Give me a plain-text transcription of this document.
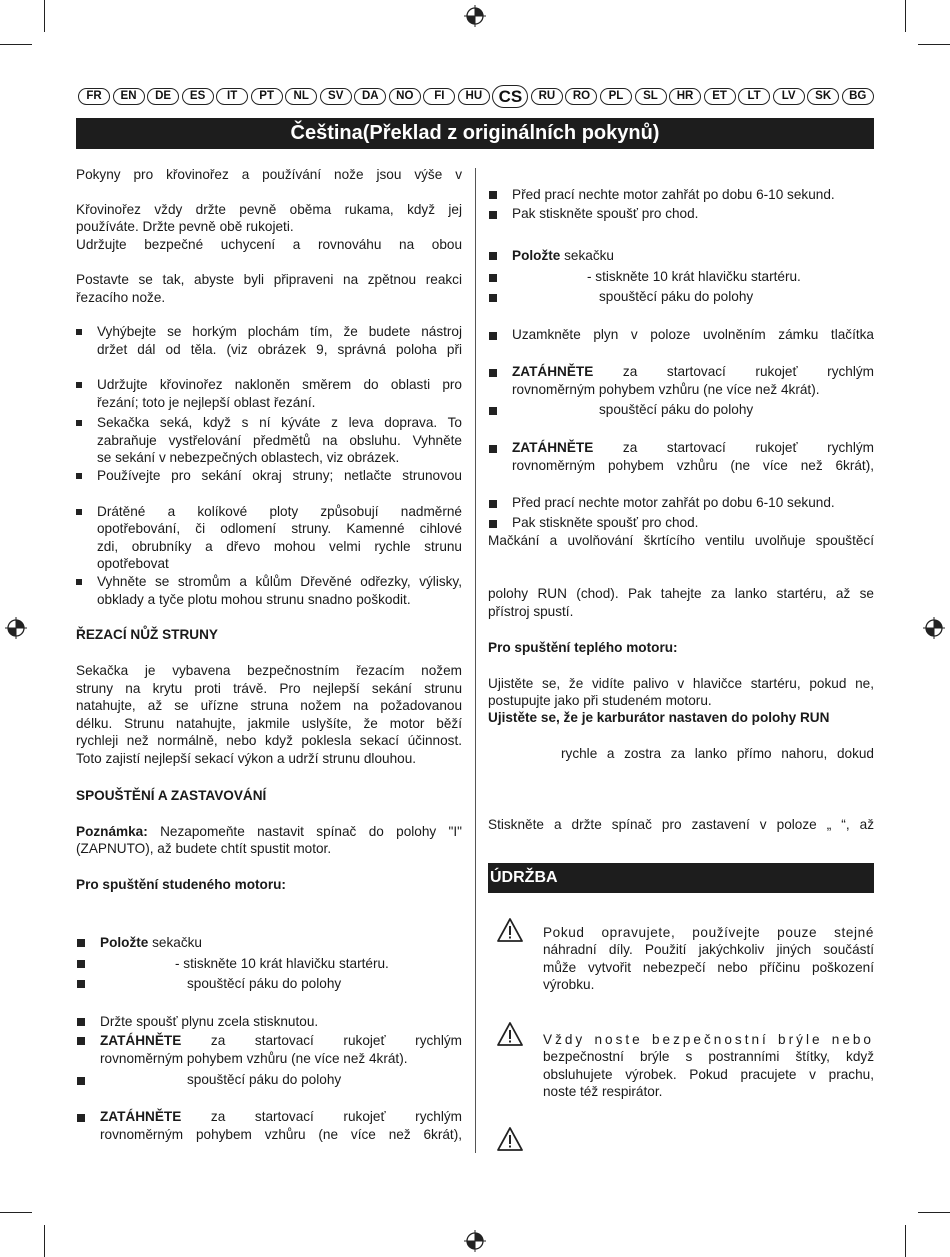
FR	EN	DE	ES	IT	PT	NL	SV	DA	NO	FI	HU CS	RU	RO	PL	SL	HR	ET	LT	LV	SK	BG
Čeština(Překlad z originálních pokynů)
Pokyny pro křovinořez a používání nože jsou výše v
Křovinořez vždy držte pevně oběma rukama, když jej
používáte. Držte pevně obě rukojeti.
Udržujte bezpečné uchycení a rovnováhu na obou
Postavte se tak, abyste byli připraveni na zpětnou reakci
řezacího nože.
Vyhýbejte se horkým plochám tím, že budete nástroj
držet dál od těla. (viz obrázek 9, správná poloha při
Udržujte křovinořez nakloněn směrem do oblasti pro
řezání; toto je nejlepší oblast řezání.
Sekačka seká, když s ní kýváte z leva doprava. To
zabraňuje vystřelování předmětů na obsluhu. Vyhněte
se sekání v nebezpečných oblastech, viz obrázek.
Používejte pro sekání okraj struny; netlačte strunovou
Drátěné a kolíkové ploty způsobují nadměrné
opotřebování, či odlomení struny. Kamenné cihlové
zdi, obrubníky a dřevo mohou velmi rychle strunu
opotřebovat
Vyhněte se stromům a kůlům Dřevěné odřezky, výlisky,
obklady a tyče plotu mohou strunu snadno poškodit.
ŘEZACÍ NŮŽ STRUNY
Sekačka je vybavena bezpečnostním řezacím nožem
struny na krytu proti trávě. Pro nejlepší sekání strunu
natahujte, až se uřízne struna nožem na požadovanou
délku. Strunu natahujte, jakmile uslyšíte, že motor běží
rychleji než normálně, nebo když poklesla sekací účinnost.
Toto zajistí nejlepší sekací výkon a udrží strunu dlouhou.
SPOUŠTĚNÍ A ZASTAVOVÁNÍ
Poznámka: Nezapomeňte nastavit spínač do polohy "I"
(ZAPNUTO), až budete chtít spustit motor.
Pro spuštění studeného motoru:
Položte sekačku
- stiskněte 10 krát hlavičku startéru.
spouštěcí páku do polohy
Držte spoušť plynu zcela stisknutou.
ZATÁHNĚTE za startovací rukojeť rychlým
rovnoměrným pohybem vzhůru (ne více než 4krát).
spouštěcí páku do polohy
ZATÁHNĚTE za startovací rukojeť rychlým
rovnoměrným pohybem vzhůru (ne více než 6krát),
Před prací nechte motor zahřát po dobu 6-10 sekund.
Pak stiskněte spoušť pro chod.
Položte sekačku
- stiskněte 10 krát hlavičku startéru.
spouštěcí páku do polohy
Uzamkněte plyn v poloze uvolněním zámku tlačítka
ZATÁHNĚTE za startovací rukojeť rychlým
rovnoměrným pohybem vzhůru (ne více než 4krát).
spouštěcí páku do polohy
ZATÁHNĚTE za startovací rukojeť rychlým
rovnoměrným pohybem vzhůru (ne více než 6krát),
Před prací nechte motor zahřát po dobu 6-10 sekund.
Pak stiskněte spoušť pro chod.
Mačkání a uvolňování škrtícího ventilu uvolňuje spouštěcí
polohy RUN (chod). Pak tahejte za lanko startéru, až se
přístroj spustí.
Pro spuštění teplého motoru:
Ujistěte se, že vidíte palivo v hlavičce startéru, pokud ne,
postupujte jako při studeném motoru.
Ujistěte se, že je karburátor nastaven do polohy RUN
rychle a zostra za lanko přímo nahoru, dokud
Stiskněte a držte spínač pro zastavení v poloze „ “, až
ÚDRŽBA
Pokud opravujete, používejte pouze stejné
náhradní díly. Použití jakýchkoliv jiných součástí
může vytvořit nebezpečí nebo příčinu poškození
výrobku.
Vždy noste bezpečnostní brýle nebo
bezpečnostní brýle s postranními štítky, když
obsluhujete výrobek. Pokud pracujete v prachu,
noste též respirátor.
